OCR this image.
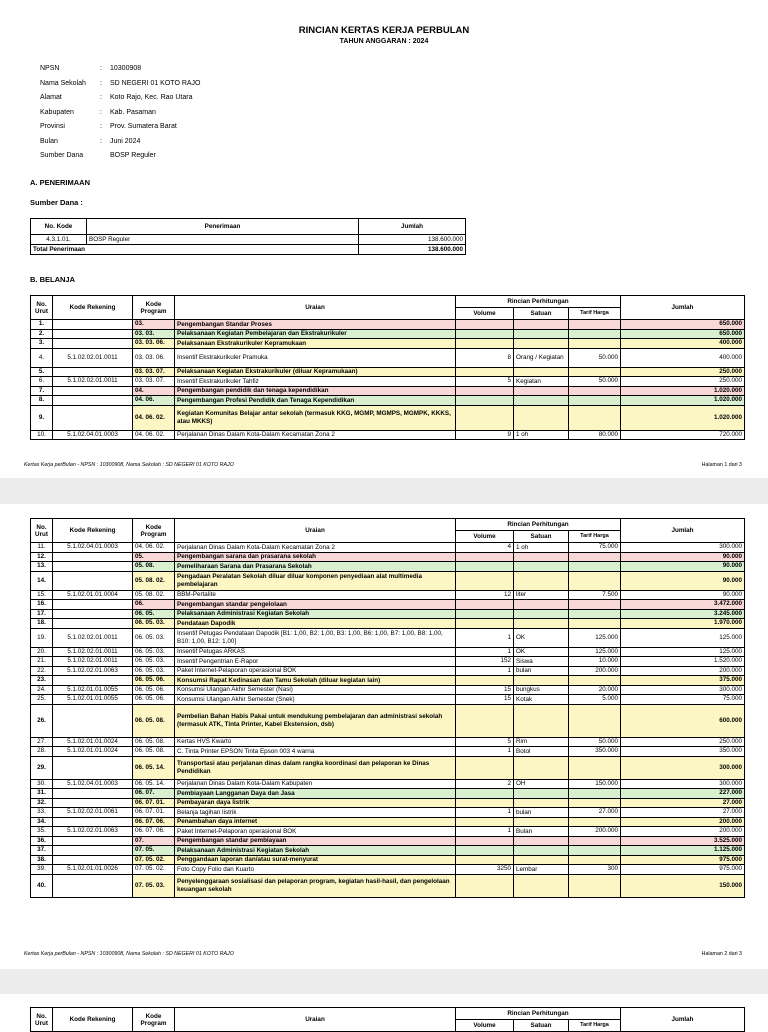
RINCIAN KERTAS KERJA PERBULAN
TAHUN ANGGARAN : 2024
NPSN	: 10300908
Nama Sekolah : SD NEGERI 01 KOTO RAJO
Alamat	: Koto Rajo, Kec. Rao Utara
Kabupaten	: Kab. Pasaman
Provinsi	: Prov. Sumatera Barat
Bulan	: Juni 2024
Sumber Dana	BOSP Reguler
A. PENERIMAAN
Sumber Dana :
No. Kode	Penerimaan	Jumlah
4.3.1.01.	BOSP Reguler	138.600.000
Total Penerimaan		138.600.000
B. BELANJA
No. Urut	Kode Rekening	Kode Program	Uraian	Rincian Perhitungan			Jumlah
				Volume	Satuan	Tarif Harga	
1.		03.	Pengembangan Standar Proses				650.000
2.		03. 03.	Pelaksanaan Kegiatan Pembelajaran dan Ekstrakurikuler				650.000
3.		03. 03. 06.	Pelaksanaan Ekstrakurikuler Kepramukaan				400.000
4.	5.1.02.02.01.0011	03. 03. 06.	Insentif Ekstrakurikuler Pramuka	8	Orang / Kegiatan	50.000	400.000
5.		03. 03. 07.	Pelaksanaan Kegiatan Ekstrakurikuler (diluar Kepramukaan)				250.000
6.	5.1.02.02.01.0011	03. 03. 07.	Insentif Ekstrakurikuler Tahfiz	5	Kegiatan	50.000	250.000
7.		04.	Pengembangan pendidik dan tenaga kependidikan				1.020.000
8.		04. 06.	Pengembangan Profesi Pendidik dan Tenaga Kependidikan				1.020.000
9.		04. 06. 02.	Kegiatan Komunitas Belajar antar sekolah (termasuk KKG, MGMP, MGMPS, MGMPK, KKKS, atau MKKS)				1.020.000
10.	5.1.02.04.01.0003	04. 06. 02.	Perjalanan Dinas Dalam Kota-Dalam Kecamatan Zona 2	9	1 oh	80.000	720.000
Kertas Kerja perBulan - NPSN : 10300908, Nama Sekolah : SD NEGERI 01 KOTO RAJO	Halaman 1 dari 3
No. Urut	Kode Rekening	Kode Program	Uraian	Rincian Perhitungan			Jumlah
				Volume	Satuan	Tarif Harga	
11.	5.1.02.04.01.0003	04. 06. 02.	Perjalanan Dinas Dalam Kota-Dalam Kecamatan Zona 2	4	1 oh	75.000	300.000
12.		05.	Pengembangan sarana dan prasarana sekolah				90.000
13.		05. 08.	Pemeliharaan Sarana dan Prasarana Sekolah				90.000
14.		05. 08. 02.	Pengadaan Peralatan Sekolah diluar diluar komponen penyediaan alat multimedia pembelajaran				90.000
15.	5.1.02.01.01.0004	05. 08. 02.	BBM-Pertalite	12	liter	7.500	90.000
16.		06.	Pengembangan standar pengelolaan				3.472.000
17.		06. 05.	Pelaksanaan Administrasi Kegiatan Sekolah				3.245.000
18.		06. 05. 03.	Pendataan Dapodik				1.970.000
19.	5.1.02.02.01.0011	06. 05. 03.	Insentif Petugas Pendataan Dapodik [B1: 1,00, B2: 1,00, B3: 1,00, B6: 1,00, B7: 1,00, B8: 1,00, B10: 1,00, B12: 1,00]	1	OK	125.000	125.000
20.	5.1.02.02.01.0011	06. 05. 03.	Insentif Petugas ARKAS	1	OK	125.000	125.000
21.	5.1.02.02.01.0011	06. 05. 03.	Insentif Pengentrian E-Rapor	152	Siswa	10.000	1.520.000
22.	5.1.02.02.01.0063	06. 05. 03.	Paket Internet-Pelaporan operasional BOK	1	bulan	200.000	200.000
23.		06. 05. 06.	Konsumsi Rapat Kedinasan dan Tamu Sekolah (diluar kegiatan lain)				375.000
24.	5.1.02.01.01.0055	06. 05. 06.	Konsumsi Ulangan Akhir Semester (Nasi)	15	bungkus	20.000	300.000
25.	5.1.02.01.01.0055	06. 05. 06.	Konsumsi Ulangan Akhir Semester (Snek)	15	Kotak	5.000	75.000
26.		06. 05. 08.	Pembelian Bahan Habis Pakai untuk mendukung pembelajaran dan administrasi sekolah (termasuk ATK, Tinta Printer, Kabel Ekstension, dsb)				600.000
27.	5.1.02.01.01.0024	06. 05. 08.	Kertas HVS Kwarto	5	Rim	50.000	250.000
28.	5.1.02.01.01.0024	06. 05. 08.	C. Tinta Printer EPSON Tinta Epson 003 4 warna	1	Botol	350.000	350.000
29.		06. 05. 14.	Transportasi atau perjalanan dinas dalam rangka koordinasi dan pelaporan ke Dinas Pendidikan				300.000
30.	5.1.02.04.01.0003	06. 05. 14.	Perjalanan Dinas Dalam Kota-Dalam Kabupaten	2	OH	150.000	300.000
31.		06. 07.	Pembiayaan Langganan Daya dan Jasa				227.000
32.		06. 07. 01.	Pembayaran daya listrik				27.000
33.	5.1.02.02.01.0061	06. 07. 01.	Belanja tagihan listrik	1	bulan	27.000	27.000
34.		06. 07. 06.	Penambahan daya internet				200.000
35.	5.1.02.02.01.0063	06. 07. 06.	Paket Internet-Pelaporan operasional BOK	1	Bulan	200.000	200.000
36.		07.	Pengembangan standar pembiayaan				3.525.000
37.		07. 05.	Pelaksanaan Administrasi Kegiatan Sekolah				1.125.000
38.		07. 05. 02.	Penggandaan laporan dan/atau surat-menyurat				975.000
39.	5.1.02.01.01.0026	07. 05. 02.	Foto Copy Folio dan Kuarto	3250	Lembar	300	975.000
40.		07. 05. 03.	Penyelenggaraan sosialisasi dan pelaporan program, kegiatan hasil-hasil, dan pengelolaan keuangan sekolah				150.000
Kertas Kerja perBulan - NPSN : 10300908, Nama Sekolah : SD NEGERI 01 KOTO RAJO	Halaman 2 dari 3
No. Urut	Kode Rekening	Kode Program	Uraian	Rincian Perhitungan			Jumlah
				Volume	Satuan	Tarif Harga	
